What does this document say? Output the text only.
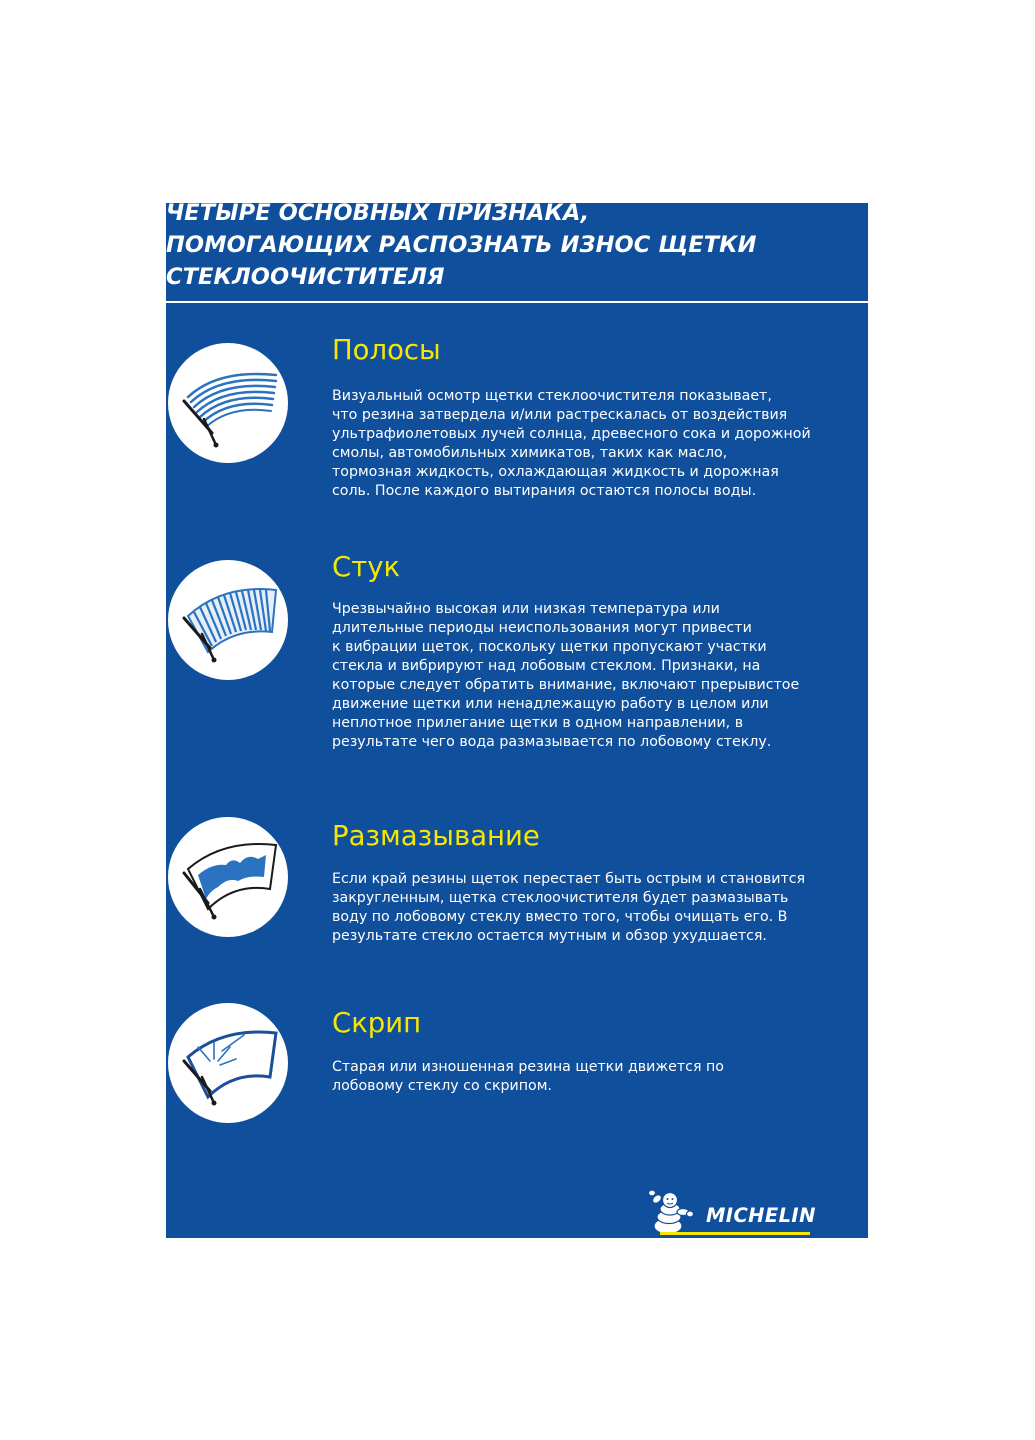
ЧЕТЫРЕ ОСНОВНЫХ ПРИЗНАКА,
ПОМОГАЮЩИХ РАСПОЗНАТЬ ИЗНОС ЩЕТКИ
СТЕКЛООЧИСТИТЕЛЯ
Полосы

Визуальный осмотр щетки стеклоочистителя показывает,
что резина затвердела и/или растрескалась от воздействия
ультрафиолетовых лучей солнца, древесного сока и дорожной
смолы, автомобильных химикатов, таких как масло,
тормозная жидкость, охлаждающая жидкость и дорожная
соль. После каждого вытирания остаются полосы воды.

Стук

Чрезвычайно высокая или низкая температура или
длительные периоды неиспользования могут привести
к вибрации щеток, поскольку щетки пропускают участки
стекла и вибрируют над лобовым стеклом. Признаки, на
которые следует обратить внимание, включают прерывистое
движение щетки или ненадлежащую работу в целом или
неплотное прилегание щетки в одном направлении, в
результате чего вода размазывается по лобовому стеклу.

Размазывание

Если край резины щеток перестает быть острым и становится
закругленным, щетка стеклоочистителя будет размазывать
воду по лобовому стеклу вместо того, чтобы очищать его. В
результате стекло остается мутным и обзор ухудшается.

Скрип

Старая или изношенная резина щетки движется по
лобовому стеклу со скрипом.

MICHELIN
